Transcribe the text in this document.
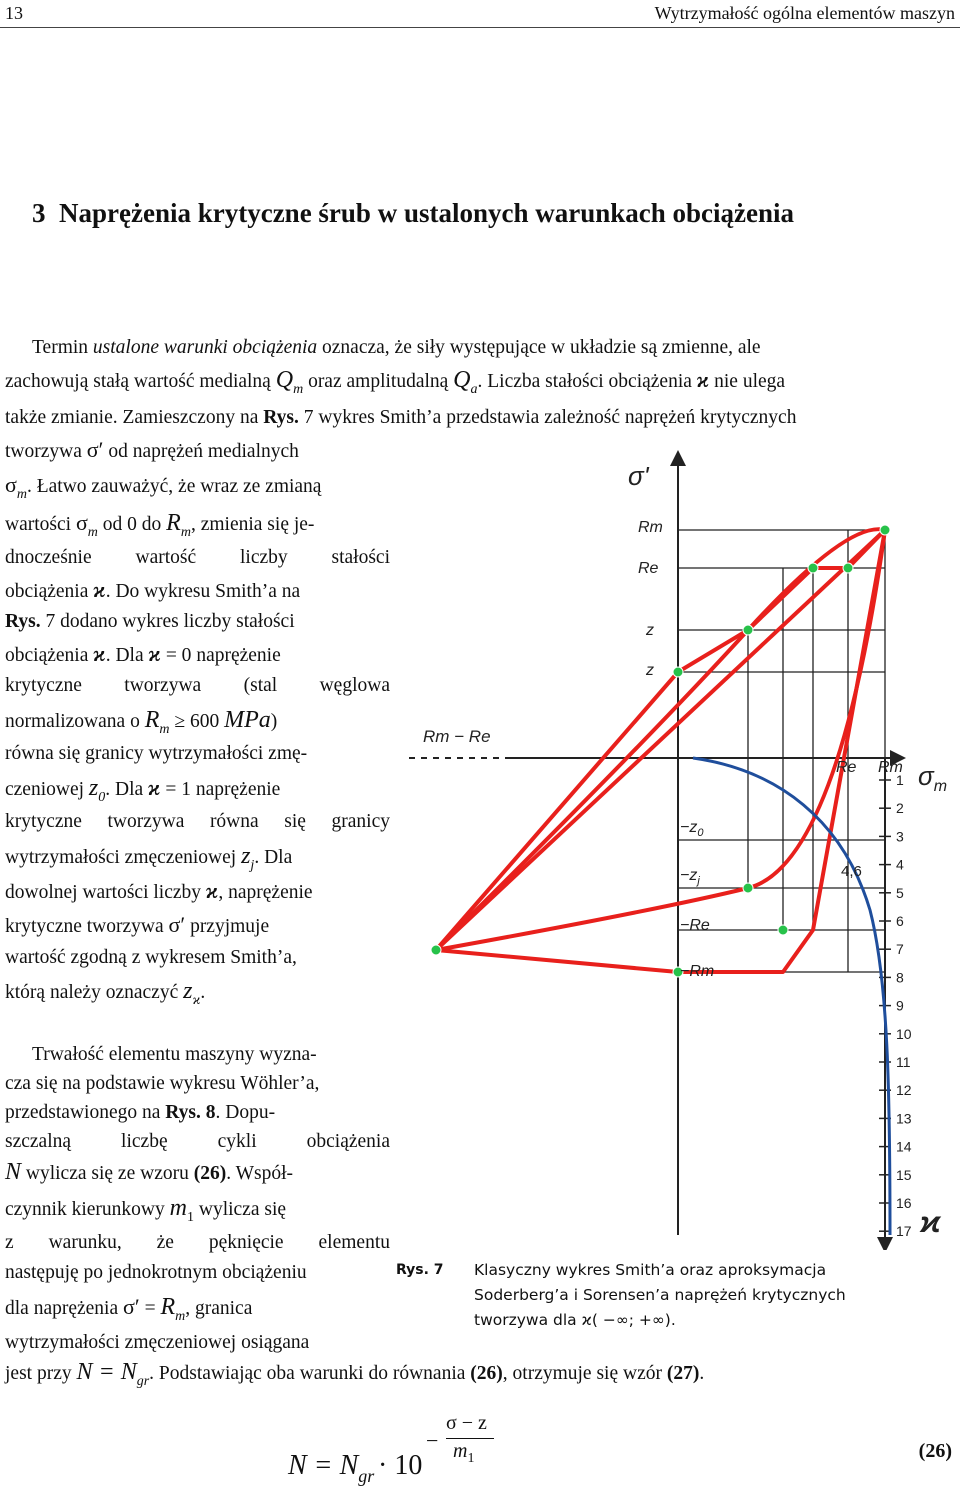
13	Wytrzymałość ogólna elementów maszyn
3 Naprężenia krytyczne śrub w ustalonych warunkach obciążenia

Termin ustalone warunki obciążenia oznacza, że siły występujące w układzie są zmienne, ale

zachowują stałą wartość medialną $Q_m$ oraz amplitudalną $Q_a$. Liczba stałości obciążenia ϰ nie ulega

także zmianie. Zamieszczony na Rys. 7 wykres Smith’a przedstawia zależność naprężeń krytycznych

tworzywa σ′ od naprężeń medialnych
$\sigma_m$. Łatwo zauważyć, że wraz ze zmianą
wartości $\sigma_m$ od 0 do $R_m$, zmienia się je-
dnocześnie wartość liczby stałości
obciążenia ϰ. Do wykresu Smith’a na
Rys. 7 dodano wykres liczby stałości
obciążenia ϰ. Dla ϰ = 0 naprężenie
krytyczne tworzywa (stal węglowa
normalizowana o $R_m \ge 600$ MPa)
równa się granicy wytrzymałości zmę-
czeniowej $z_0$. Dla ϰ = 1 naprężenie
krytyczne tworzywa równa się granicy
wytrzymałości zmęczeniowej $z_j$. Dla
dowolnej wartości liczby ϰ, naprężenie
krytyczne tworzywa σ′ przyjmuje
wartość zgodną z wykresem Smith’a,
którą należy oznaczyć $z_ϰ$.
Trwałość elementu maszyny wyzna-
cza się na podstawie wykresu Wöhler’a,
przedstawionego na Rys. 8. Dopu-
szczalną liczbę cykli obciążenia
N wylicza się ze wzoru (26). Współ-
czynnik kierunkowy $m_1$ wylicza się
z warunku, że pęknięcie elementu
następuję po jednokrotnym obciążeniu
dla naprężenia $\sigma' = R_m$, granica
wytrzymałości zmęczeniowej osiągana
jest przy $N = N_{gr}$. Podstawiając oba warunki do równania (26), otrzymuje się wzór (27).
1
2
3
4
5
6
7
8
9
10
11
12
13
14
15
16
17
σ'
$\sigma_m$
ϰ
Rm
Re
z
z
Rm − Re
Re Rm
$-z_0$
$-z_j$
−Re
−Rm
4,6
Rys. 7 Klasyczny wykres Smith’a oraz aproksymacja
Soderberg’a i Sorensen’a naprężeń krytycznych
tworzywa dla ϰ( −∞; +∞).
$N = N_{gr} \cdot 10$
−
σ − z
$m_1$	(26)
